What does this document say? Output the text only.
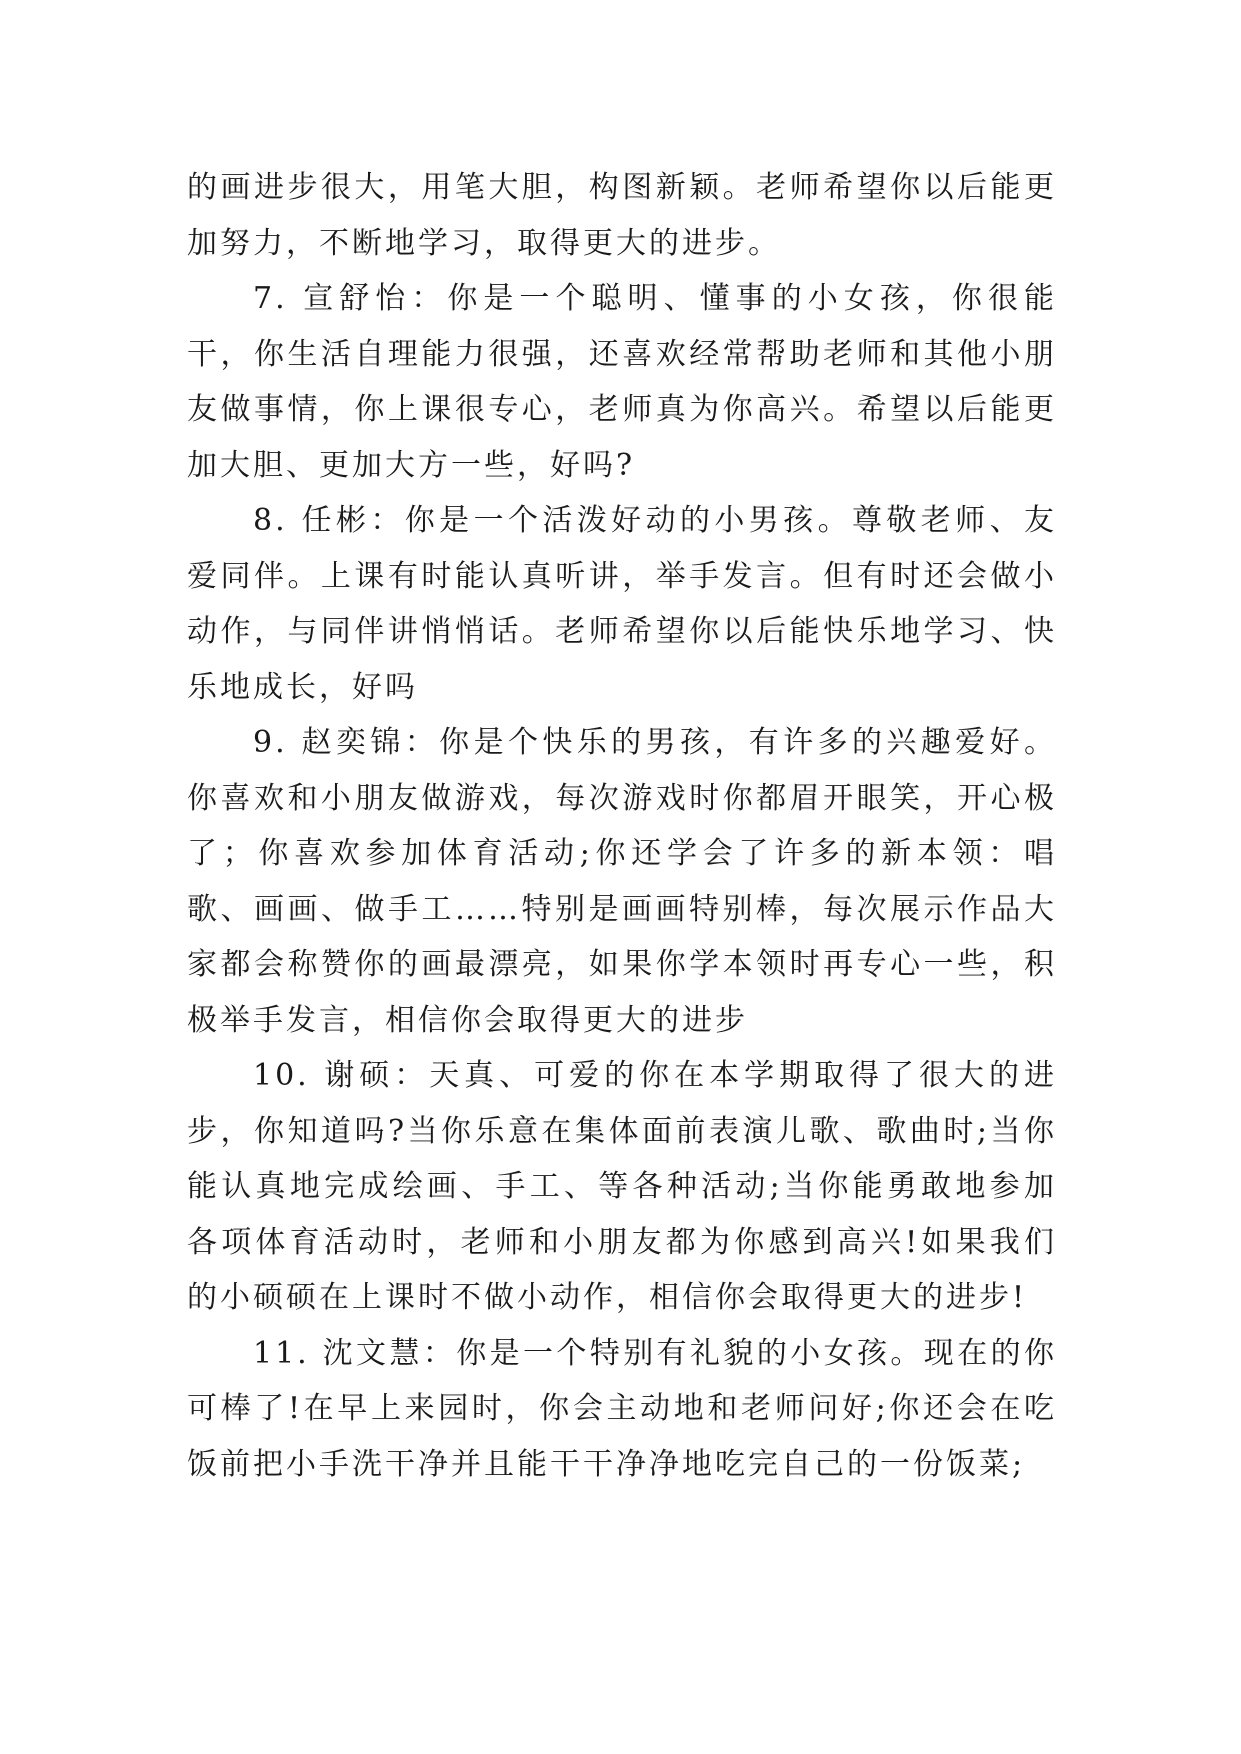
的画进步很大，用笔大胆，构图新颖。老师希望你以后能更加努力，不断地学习，取得更大的进步。

7. 宣舒怡：你是一个聪明、懂事的小女孩，你很能干，你生活自理能力很强，还喜欢经常帮助老师和其他小朋友做事情，你上课很专心，老师真为你高兴。希望以后能更加大胆、更加大方一些，好吗?

8. 任彬：你是一个活泼好动的小男孩。尊敬老师、友爱同伴。上课有时能认真听讲，举手发言。但有时还会做小动作，与同伴讲悄悄话。老师希望你以后能快乐地学习、快乐地成长，好吗

9. 赵奕锦：你是个快乐的男孩，有许多的兴趣爱好。你喜欢和小朋友做游戏，每次游戏时你都眉开眼笑，开心极了；你喜欢参加体育活动;你还学会了许多的新本领：唱歌、画画、做手工……特别是画画特别棒，每次展示作品大家都会称赞你的画最漂亮，如果你学本领时再专心一些，积极举手发言，相信你会取得更大的进步

10. 谢硕：天真、可爱的你在本学期取得了很大的进步，你知道吗?当你乐意在集体面前表演儿歌、歌曲时;当你能认真地完成绘画、手工、等各种活动;当你能勇敢地参加各项体育活动时，老师和小朋友都为你感到高兴!如果我们的小硕硕在上课时不做小动作，相信你会取得更大的进步!

11. 沈文慧：你是一个特别有礼貌的小女孩。现在的你可棒了!在早上来园时，你会主动地和老师问好;你还会在吃饭前把小手洗干净并且能干干净净地吃完自己的一份饭菜;
